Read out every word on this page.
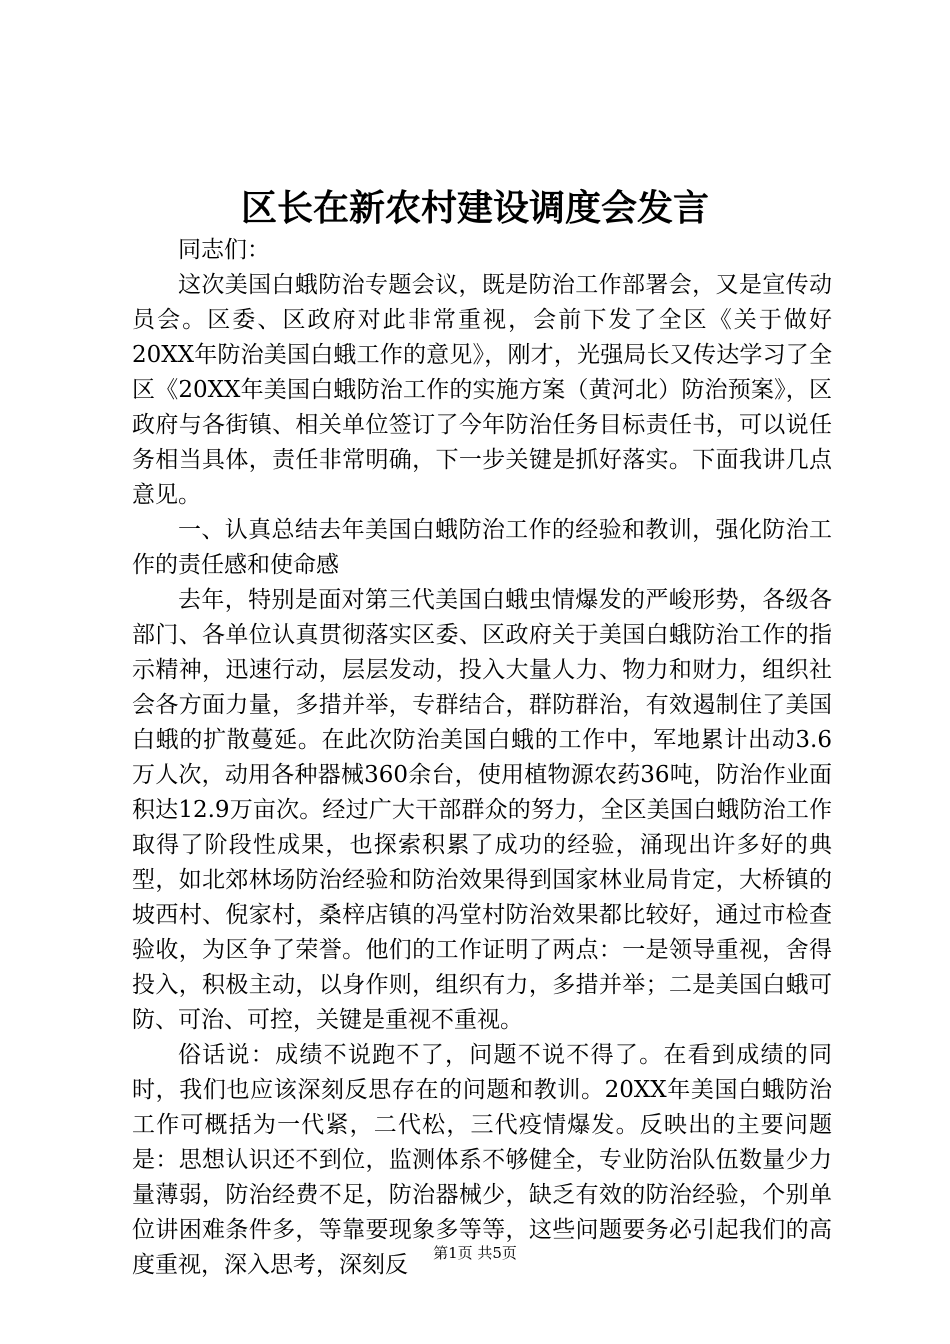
区长在新农村建设调度会发言

同志们：

这次美国白蛾防治专题会议，既是防治工作部署会，又是宣传动员会。区委、区政府对此非常重视，会前下发了全区《关于做好20XX年防治美国白蛾工作的意见》，刚才，光强局长又传达学习了全区《20XX年美国白蛾防治工作的实施方案（黄河北）防治预案》，区政府与各街镇、相关单位签订了今年防治任务目标责任书，可以说任务相当具体，责任非常明确，下一步关键是抓好落实。下面我讲几点意见。

一、认真总结去年美国白蛾防治工作的经验和教训，强化防治工作的责任感和使命感

去年，特别是面对第三代美国白蛾虫情爆发的严峻形势，各级各部门、各单位认真贯彻落实区委、区政府关于美国白蛾防治工作的指示精神，迅速行动，层层发动，投入大量人力、物力和财力，组织社会各方面力量，多措并举，专群结合，群防群治，有效遏制住了美国白蛾的扩散蔓延。在此次防治美国白蛾的工作中，军地累计出动3.6万人次，动用各种器械360余台，使用植物源农药36吨，防治作业面积达12.9万亩次。经过广大干部群众的努力，全区美国白蛾防治工作取得了阶段性成果，也探索积累了成功的经验，涌现出许多好的典型，如北郊林场防治经验和防治效果得到国家林业局肯定，大桥镇的坡西村、倪家村，桑梓店镇的冯堂村防治效果都比较好，通过市检查验收，为区争了荣誉。他们的工作证明了两点：一是领导重视，舍得投入，积极主动，以身作则，组织有力，多措并举；二是美国白蛾可防、可治、可控，关键是重视不重视。

俗话说：成绩不说跑不了，问题不说不得了。在看到成绩的同时，我们也应该深刻反思存在的问题和教训。20XX年美国白蛾防治工作可概括为一代紧，二代松，三代疫情爆发。反映出的主要问题是：思想认识还不到位，监测体系不够健全，专业防治队伍数量少力量薄弱，防治经费不足，防治器械少，缺乏有效的防治经验，个别单位讲困难条件多，等靠要现象多等等，这些问题要务必引起我们的高度重视，深入思考，深刻反	第1页 共5页
